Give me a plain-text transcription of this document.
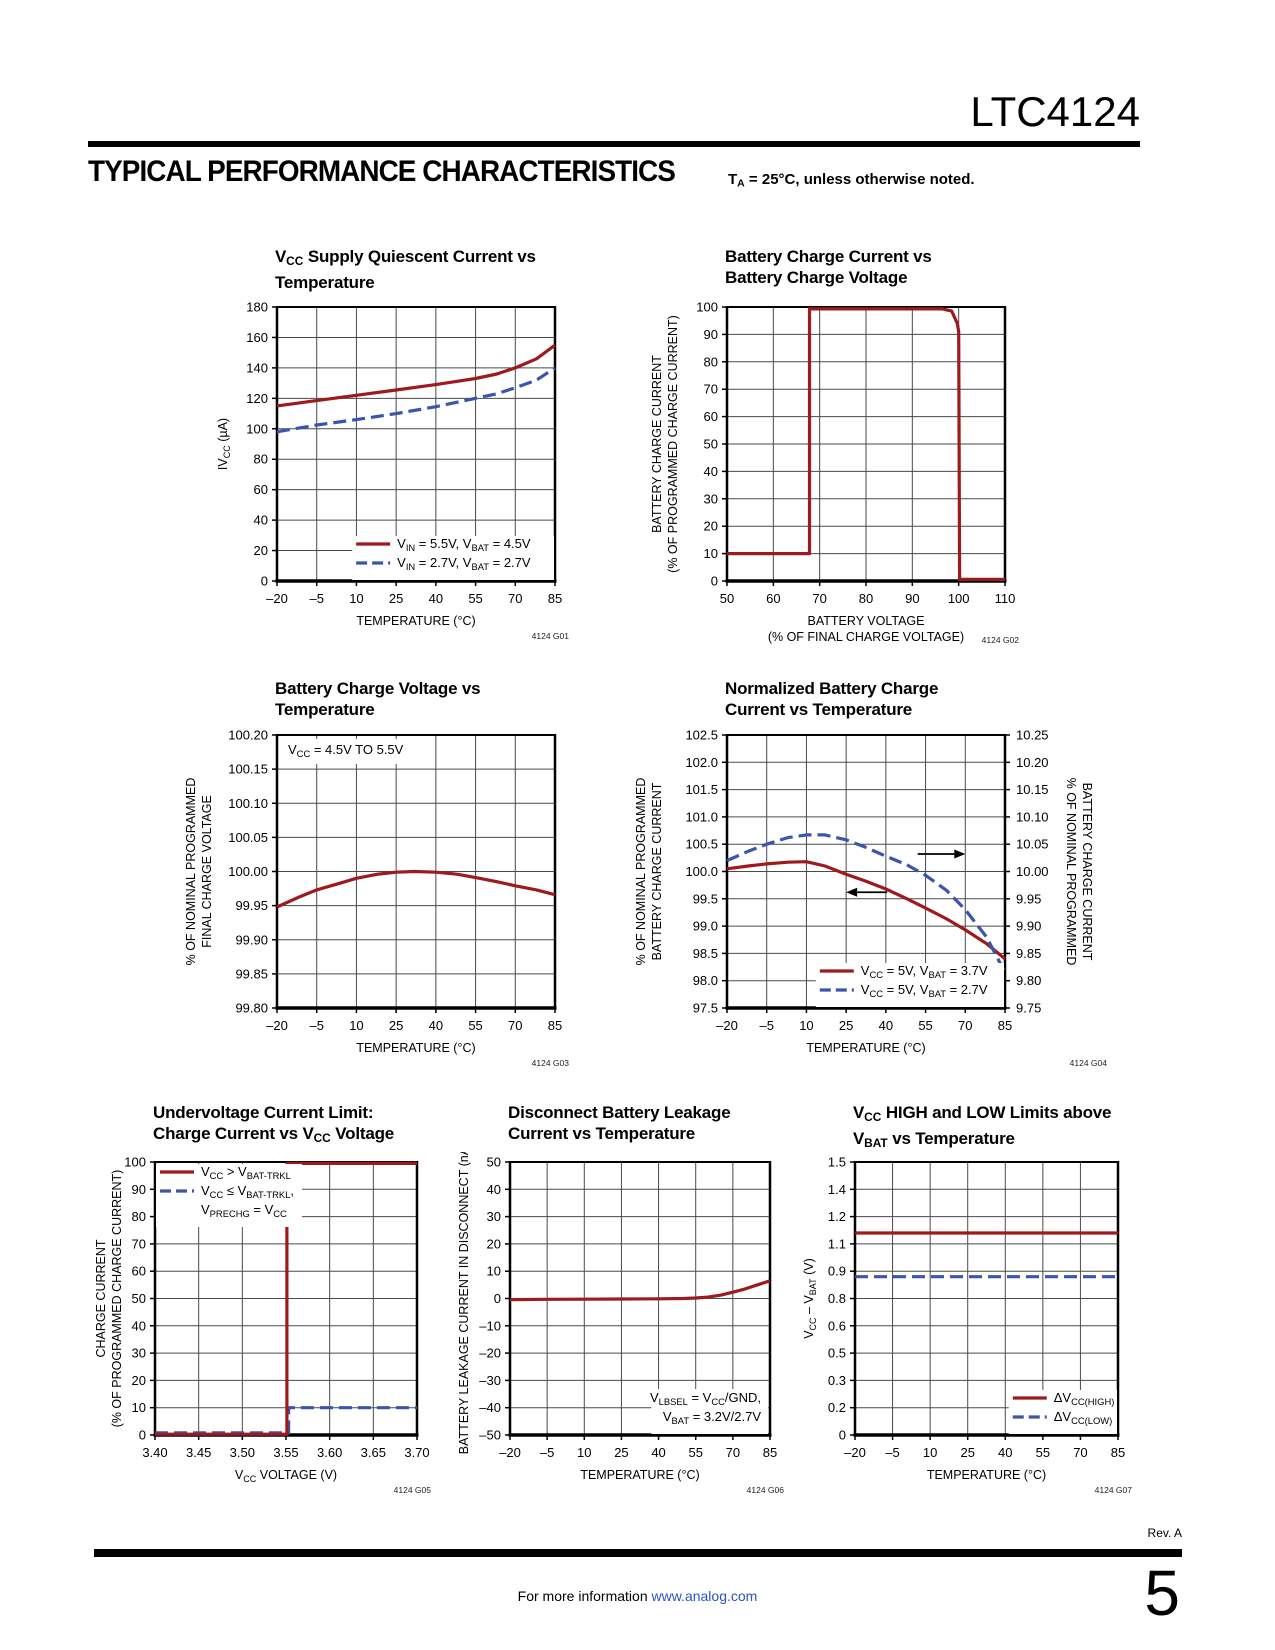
LTC4124
TYPICAL PERFORMANCE CHARACTERISTICS	$T_A = 25^\circ C$, unless otherwise noted.
$V_{CC}$ Supply Quiescent Current vs
Temperature
Battery Charge Current vs
Battery Charge Voltage
Battery Charge Voltage vs
Temperature
Normalized Battery Charge
Current vs Temperature
Undervoltage Current Limit:
Charge Current vs $V_{CC}$ Voltage
Disconnect Battery Leakage
Current vs Temperature
$V_{CC}$ HIGH and LOW Limits above
$V_{BAT}$ vs Temperature
0
20
40
60
80
100
120
140
160
180
–20 –5 10 25 40 55 70 85
$IV_{CC}$ (µA)
TEMPERATURE (°C)
4124 G01
$V_{IN} = 5.5V$, $V_{BAT} = 4.5V$
$V_{IN} = 2.7V$, $V_{BAT} = 2.7V$
0
10
20
30
40
50
60
70
80
90
100
50 60 70 80 90 100 110
BATTERY CHARGE CURRENT (% OF PROGRAMMED CHARGE CURRENT)
BATTERY VOLTAGE
(% OF FINAL CHARGE VOLTAGE) 4124 G02
99.80
99.85
99.90
99.95
100.00
100.05
100.10
100.15
100.20
–20 –5 10 25 40 55 70 85
% OF NOMINAL PROGRAMMED FINAL CHARGE VOLTAGE
TEMPERATURE (°C)
4124 G03
$V_{CC} = 4.5V$ TO 5.5V
97.5
98.0
98.5
99.0
99.5
100.0
100.5
101.0
101.5
102.0
102.5
–20 –5 10 25 40 55 70 85
9.75
9.80
9.85
9.90
9.95
10.00
10.05
10.10
10.15
10.20
10.25
% OF NOMINAL PROGRAMMED BATTERY CHARGE CURRENT
% OF NOMINAL PROGRAMMED BATTERY CHARGE CURRENT
TEMPERATURE (°C)
4124 G04
$V_{CC} = 5V$, $V_{BAT} = 3.7V$
$V_{CC} = 5V$, $V_{BAT} = 2.7V$
0
10
20
30
40
50
60
70
80
90
100
3.40 3.45 3.50 3.55 3.60 3.65 3.70
CHARGE CURRENT (% OF PROGRAMMED CHARGE CURRENT)
$V_{CC}$ VOLTAGE (V)
4124 G05
$V_{CC} > V_{BAT-TRKL}$
$V_{CC} \le V_{BAT-TRKL}$,
$V_{PRECHG} = V_{CC}$
–50
–40
–30
–20
–10
0
10
20
30
40
50
–20 –5 10 25 40 55 70 85
BATTERY LEAKAGE CURRENT IN DISCONNECT (nA)
TEMPERATURE (°C)
4124 G06
$V_{LBSEL} = V_{CC}/GND$,
$V_{BAT} = 3.2V/2.7V$
0
0.2
0.3
0.5
0.6
0.8
0.9
1.1
1.2
1.4
1.5
–20 –5 10 25 40 55 70 85
$V_{CC} - V_{BAT}$ (V)
TEMPERATURE (°C)
4124 G07
$\Delta V_{CC(HIGH)}$
$\Delta V_{CC(LOW)}$
Rev. A
5
For more information www.analog.com
